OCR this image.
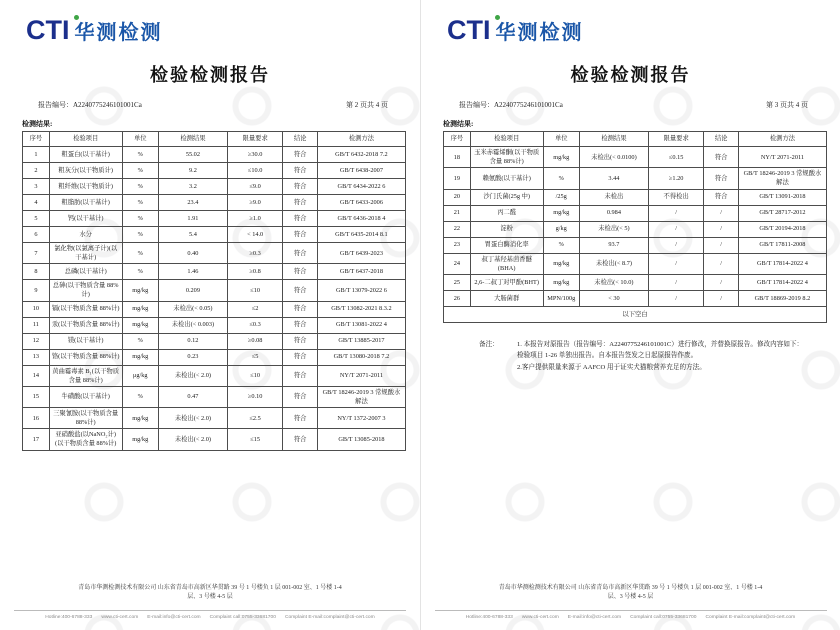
CTI 华测检测
检验检测报告
报告编号：A2240775246101001Ca	第 2 页共 4 页
检测结果:
序号	检验项目	单位	检测结果	限量要求	结论	检测方法
1	粗蛋白(以干基计)	%	55.02	≥30.0	符合	GB/T 6432-2018 7.2
2	粗灰分(以干物质计)	%	9.2	≤10.0	符合	GB/T 6438-2007
3	粗纤维(以干物质计)	%	3.2	≤9.0	符合	GB/T 6434-2022 6
4	粗脂肪(以干基计)	%	23.4	≥9.0	符合	GB/T 6433-2006
5	钙(以干基计)	%	1.91	≥1.0	符合	GB/T 6436-2018 4
6	水分	%	5.4	< 14.0	符合	GB/T 6435-2014 8.1
7	氯化物(以氯离子计)(以干基计)	%	0.40	≥0.3	符合	GB/T 6439-2023
8	总磷(以干基计)	%	1.46	≥0.8	符合	GB/T 6437-2018
9	总砷(以干物质含量 88%计)	mg/kg	0.209	≤10	符合	GB/T 13079-2022 6
10	镉(以干物质含量 88%计)	mg/kg	未检出(< 0.05)	≤2	符合	GB/T 13082-2021 8.3.2
11	汞(以干物质含量 88%计)	mg/kg	未检出(< 0.003)	≤0.3	符合	GB/T 13081-2022 4
12	镁(以干基计)	%	0.12	≥0.08	符合	GB/T 13885-2017
13	铬(以干物质含量 88%计)	mg/kg	0.23	≤5	符合	GB/T 13080-2018 7.2
14	黄曲霉毒素 B₁(以干物质含量 88%计)	μg/kg	未检出(< 2.0)	≤10	符合	NY/T 2071-2011
15	牛磺酸(以干基计)	%	0.47	≥0.10	符合	GB/T 18246-2019 3 常规酸水解法
16	三聚氰胺(以干物质含量 88%计)	mg/kg	未检出(< 2.0)	≤2.5	符合	NY/T 1372-2007 3
17	亚硝酸盐(以NaNO₂计)(以干物质含量 88%计)	mg/kg	未检出(< 2.0)	≤15	符合	GB/T 13085-2018
青岛市华测检测技术有限公司 山东省青岛市高新区华贯路 39 号 1 号楼负 1 层 001-002 室、1 号楼 1-4
层、3 号楼 4-5 层
Hotline:400-6788-333 www.cti-cert.com E-mail:info@cti-cert.com Complaint call:0755-33681700 Complaint E-mail:complaint@cti-cert.com
CTI 华测检测
检验检测报告
报告编号：A2240775246101001Ca	第 3 页共 4 页
检测结果:
序号	检验项目	单位	检测结果	限量要求	结论	检测方法
18	玉米赤霉烯酮(以干物质含量 88%计)	mg/kg	未检出(< 0.0100)	≤0.15	符合	NY/T 2071-2011
19	赖氨酸(以干基计)	%	3.44	≥1.20	符合	GB/T 18246-2019 3 常规酸水解法
20	沙门氏菌(25g 中)	/25g	未检出	不得检出	符合	GB/T 13091-2018
21	丙二醛	mg/kg	0.984	/	/	GB/T 28717-2012
22	淀粉	g/kg	未检出(< 5)	/	/	GB/T 20194-2018
23	胃蛋白酶消化率	%	93.7	/	/	GB/T 17811-2008
24	叔丁基羟基茴香醚(BHA)	mg/kg	未检出(< 8.7)	/	/	GB/T 17814-2022 4
25	2,6-二叔丁对甲酚(BHT)	mg/kg	未检出(< 10.0)	/	/	GB/T 17814-2022 4
26	大肠菌群	MPN/100g	< 30	/	/	GB/T 18869-2019 8.2
以下空白						
备注：	1. 本报告对原报告（报告编号：A2240775246101001C）进行修改，并替换原报告。修改内容如下：检验项目 1-26 单独出报告。自本报告签发之日起原报告作废。
2.客户提供限量来源于 AAFCO 用于证实犬猫粮营养充足的方法。
青岛市华测检测技术有限公司 山东省青岛市高新区华贯路 39 号 1 号楼负 1 层 001-002 室、1 号楼 1-4
层、3 号楼 4-5 层
Hotline:400-6788-333 www.cti-cert.com E-mail:info@cti-cert.com Complaint call:0755-33681700 Complaint E-mail:complaint@cti-cert.com
